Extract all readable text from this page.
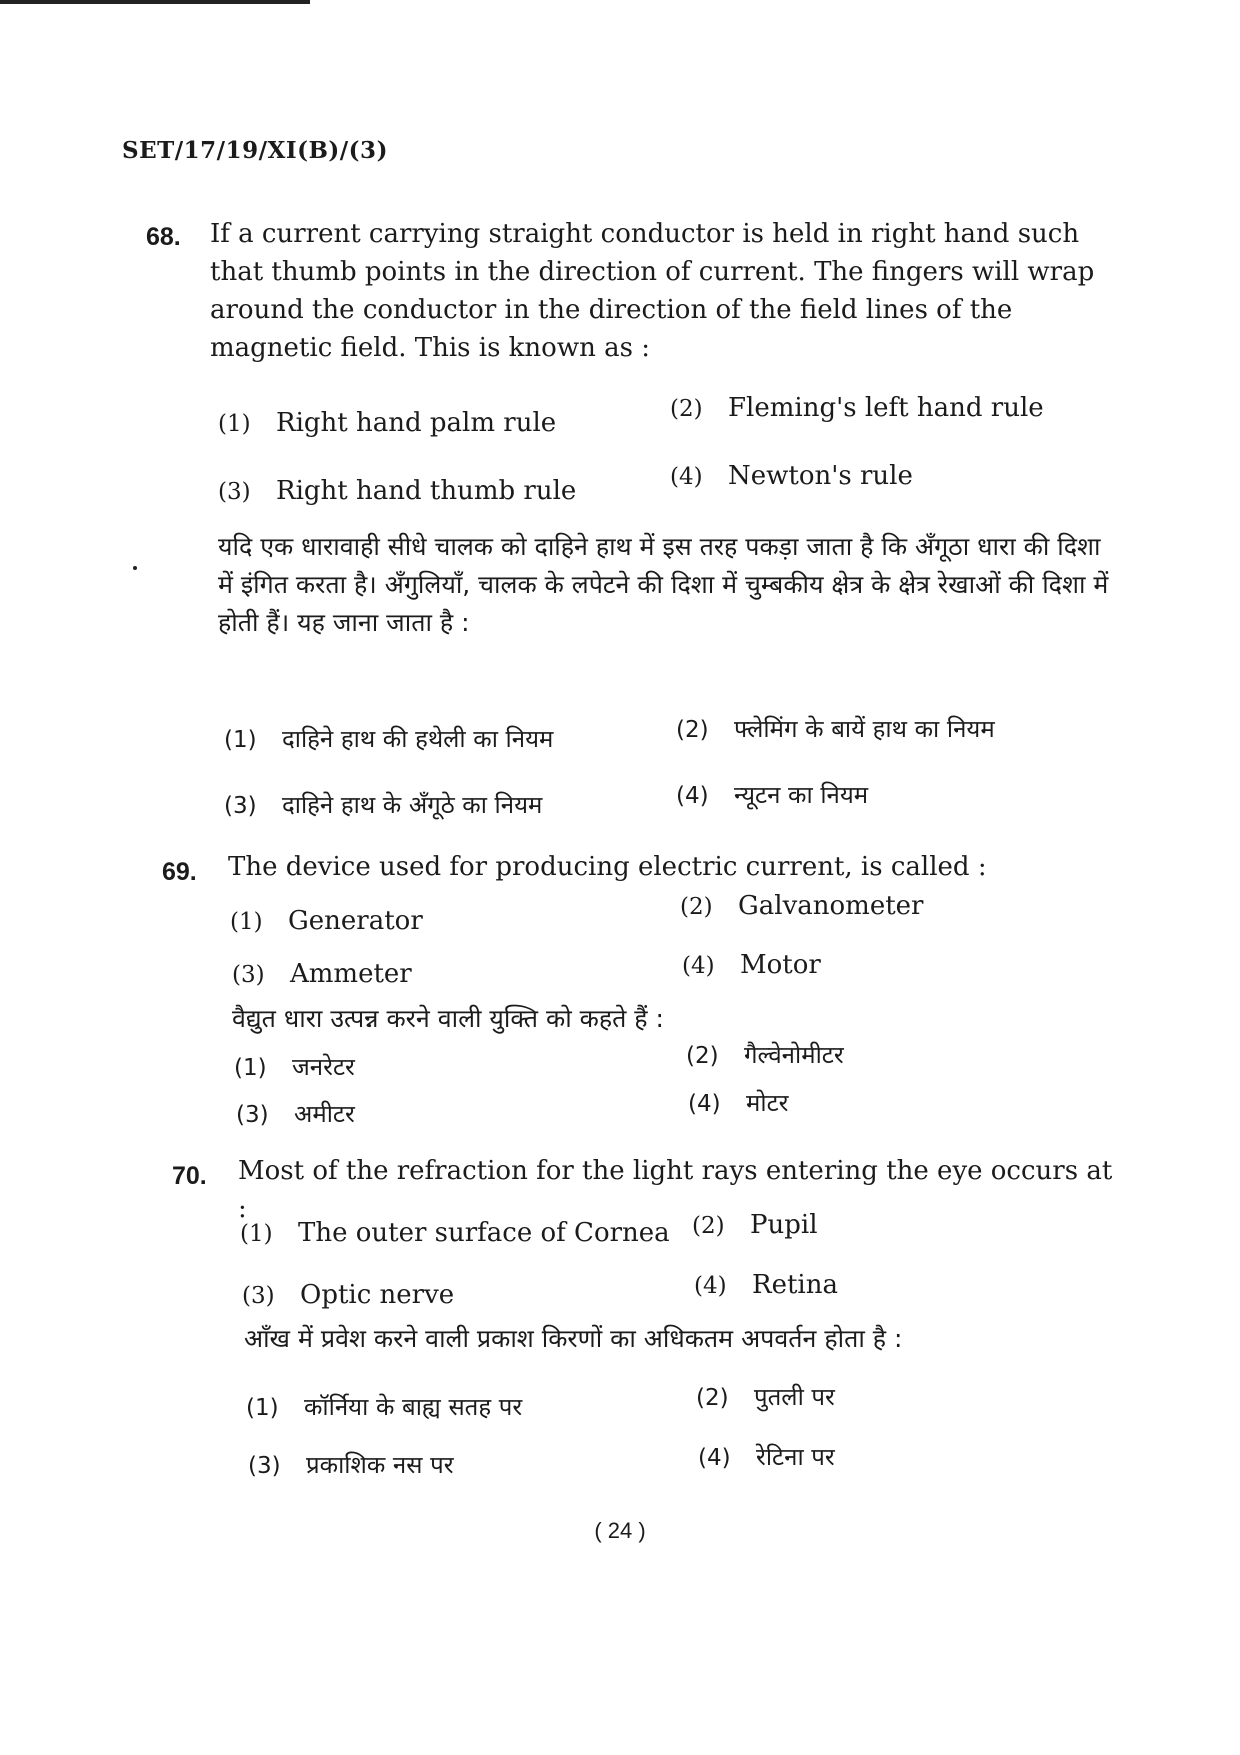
SET/17/19/XI(B)/(3)
68. If a current carrying straight conductor is held in right hand such that thumb points in the direction of current. The fingers will wrap around the conductor in the direction of the field lines of the magnetic field. This is known as :
(1) Right hand palm rule	(2) Fleming's left hand rule
(3) Right hand thumb rule	(4) Newton's rule
यदि एक धारावाही सीधे चालक को दाहिने हाथ में इस तरह पकड़ा जाता है कि अँगूठा धारा की दिशा में इंगित करता है। अँगुलियाँ, चालक के लपेटने की दिशा में चुम्बकीय क्षेत्र के क्षेत्र रेखाओं की दिशा में होती हैं। यह जाना जाता है :
(1) दाहिने हाथ की हथेली का नियम	(2) फ्लेमिंग के बायें हाथ का नियम
(3) दाहिने हाथ के अँगूठे का नियम	(4) न्यूटन का नियम
69. The device used for producing electric current, is called :
(1) Generator	(2) Galvanometer
(3) Ammeter	(4) Motor
वैद्युत धारा उत्पन्न करने वाली युक्ति को कहते हैं :
(1) जनरेटर	(2) गैल्वेनोमीटर
(3) अमीटर	(4) मोटर
70. Most of the refraction for the light rays entering the eye occurs at :
(1) The outer surface of Cornea (2) Pupil
(3) Optic nerve	(4) Retina
आँख में प्रवेश करने वाली प्रकाश किरणों का अधिकतम अपवर्तन होता है :
(1) कॉर्निया के बाह्य सतह पर	(2) पुतली पर
(3) प्रकाशिक नस पर	(4) रेटिना पर
( 24 )
